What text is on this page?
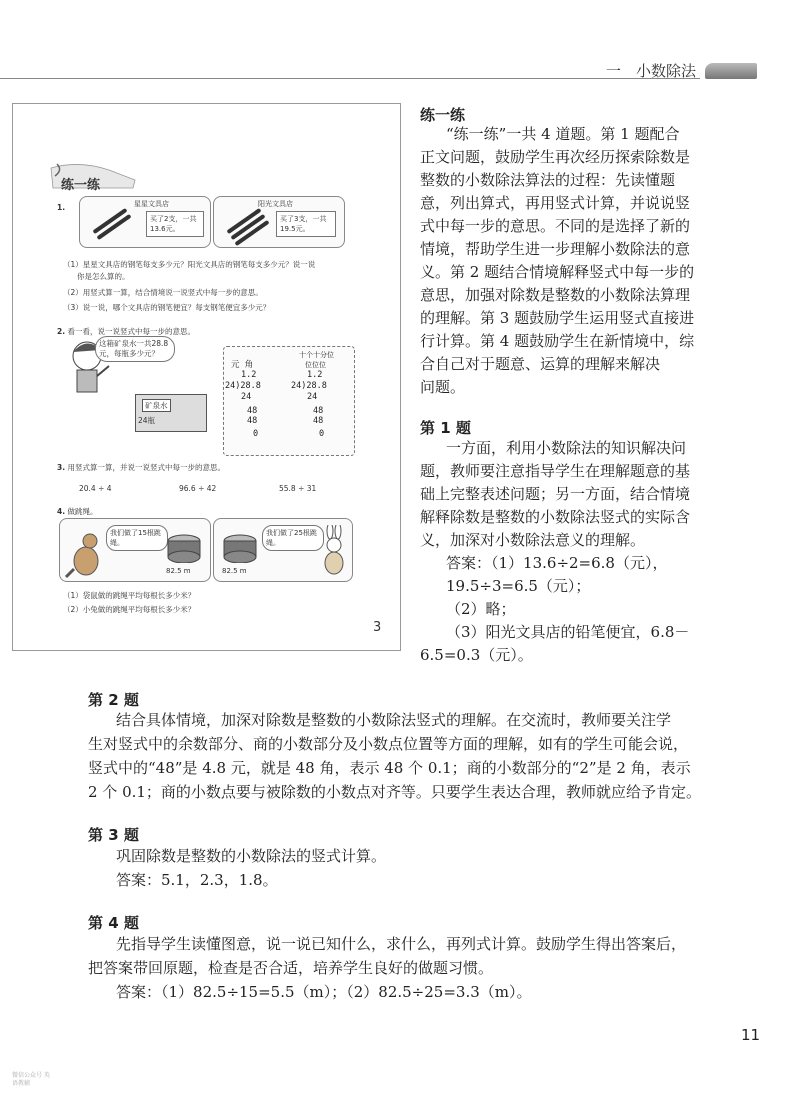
一　小数除法
练一练
1.	星星文具店
买了2支，一共13.6元。
阳光文具店
买了3支，一共19.5元。
（1）星星文具店的钢笔每支多少元？阳光文具店的钢笔每支多少元？说一说
你是怎么算的。
（2）用竖式算一算，结合情境说一说竖式中每一步的意思。
（3）说一说，哪个文具店的钢笔便宜？每支钢笔便宜多少元？
2. 看一看，说一说竖式中每一步的意思。
这箱矿泉水一共28.8元，每瓶多少元？
矿泉水
24瓶
元 角
1.2
24)28.8
24
48
48
0
十个十分位
位位位
1.2
24)28.8
24
48
48
0
3. 用竖式算一算，并说一说竖式中每一步的意思。
20.4 ÷ 4	96.6 ÷ 42	55.8 ÷ 31
4. 做跳绳。
我们做了15根跳绳。
82.5 m	82.5 m
我们做了25根跳绳。
（1）袋鼠做的跳绳平均每根长多少米？
（2）小兔做的跳绳平均每根长多少米？
3
练一练
“练一练”一共 4 道题。第 1 题配合
正文问题，鼓励学生再次经历探索除数是
整数的小数除法算法的过程：先读懂题
意，列出算式，再用竖式计算，并说说竖
式中每一步的意思。不同的是选择了新的
情境，帮助学生进一步理解小数除法的意
义。第 2 题结合情境解释竖式中每一步的
意思，加强对除数是整数的小数除法算理
的理解。第 3 题鼓励学生运用竖式直接进
行计算。第 4 题鼓励学生在新情境中，综
合自己对于题意、运算的理解来解决
问题。
第 1 题
一方面，利用小数除法的知识解决问
题，教师要注意指导学生在理解题意的基
础上完整表述问题；另一方面，结合情境
解释除数是整数的小数除法竖式的实际含
义，加深对小数除法意义的理解。
答案：（1）13.6÷2=6.8（元），
19.5÷3=6.5（元）；
（2）略；
（3）阳光文具店的铅笔便宜，6.8－
6.5=0.3（元）。
第 2 题
结合具体情境，加深对除数是整数的小数除法竖式的理解。在交流时，教师要关注学
生对竖式中的余数部分、商的小数部分及小数点位置等方面的理解，如有的学生可能会说，
竖式中的“48”是 4.8 元，就是 48 角，表示 48 个 0.1；商的小数部分的“2”是 2 角，表示
2 个 0.1；商的小数点要与被除数的小数点对齐等。只要学生表达合理，教师就应给予肯定。
第 3 题
巩固除数是整数的小数除法的竖式计算。
答案：5.1，2.3，1.8。
第 4 题
先指导学生读懂图意，说一说已知什么，求什么，再列式计算。鼓励学生得出答案后，
把答案带回原题，检查是否合适，培养学生良好的做题习惯。
答案：（1）82.5÷15=5.5（m）；（2）82.5÷25=3.3（m）。
11
微信公众号 英语教辅
